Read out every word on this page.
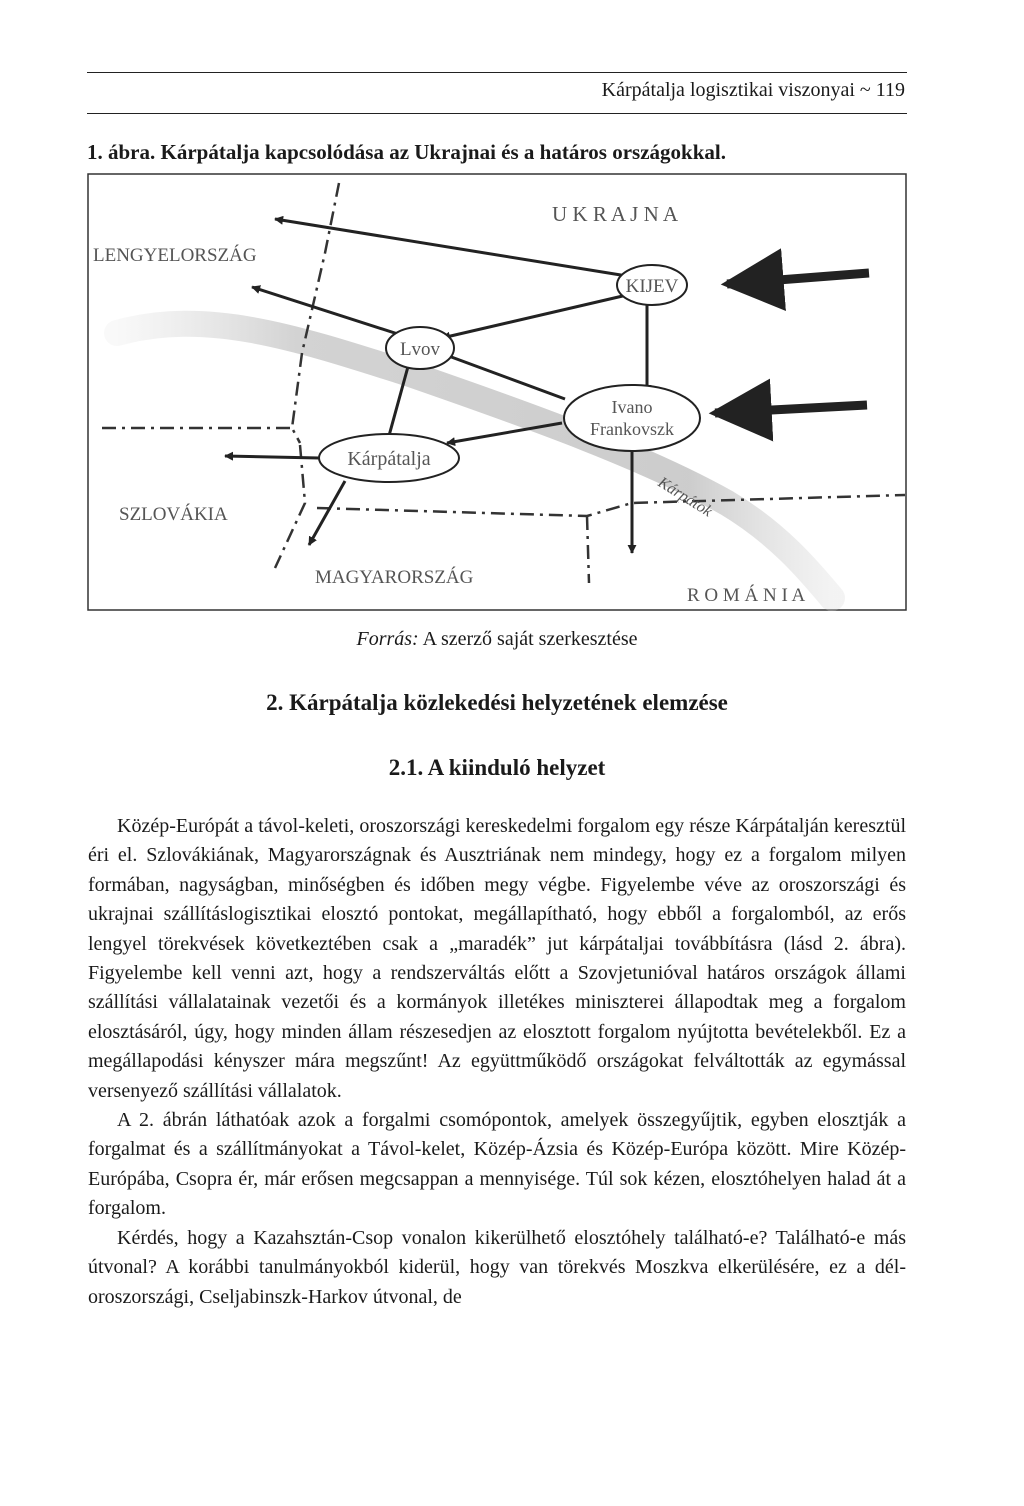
Kárpátalja logisztikai viszonyai ~ 119
1. ábra. Kárpátalja kapcsolódása az Ukrajnai és a határos országokkal.
KIJEV
Lvov
Ivano
Frankovszk
Kárpátalja
U K R A J N A
LENGYELORSZÁG
SZLOVÁKIA
MAGYARORSZÁG
R O M Á N I A
Kárpátok
Forrás: A szerző saját szerkesztése
2. Kárpátalja közlekedési helyzetének elemzése
2.1. A kiinduló helyzet

Közép-Európát a távol-keleti, oroszországi kereskedelmi forgalom egy része Kárpátalján keresztül éri el. Szlovákiának, Magyarországnak és Ausztriának nem mindegy, hogy ez a forgalom milyen formában, nagyságban, minőségben és időben megy végbe. Figyelembe véve az oroszországi és ukrajnai szállításlogisztikai elosztó pontokat, megállapítható, hogy ebből a forgalomból, az erős lengyel törekvések következtében csak a „maradék” jut kárpátaljai továbbításra (lásd 2. ábra). Figyelembe kell venni azt, hogy a rendszerváltás előtt a Szovjetunióval határos országok állami szállítási vállalatainak vezetői és a kormányok illetékes miniszterei állapodtak meg a forgalom elosztásáról, úgy, hogy minden állam részesedjen az elosztott forgalom nyújtotta bevételekből. Ez a megállapodási kényszer mára megszűnt! Az együttműködő országokat felváltották az egymással versenyező szállítási vállalatok.

A 2. ábrán láthatóak azok a forgalmi csomópontok, amelyek összegyűjtik, egyben elosztják a forgalmat és a szállítmányokat a Távol-kelet, Közép-Ázsia és Közép-Európa között. Mire Közép- Európába, Csopra ér, már erősen megcsappan a mennyisége. Túl sok kézen, elosztóhelyen halad át a forgalom.

Kérdés, hogy a Kazahsztán-Csop vonalon kikerülhető elosztóhely található-e? Található-e más útvonal? A korábbi tanulmányokból kiderül, hogy van törekvés Moszkva elkerülésére, ez a dél-oroszországi, Cseljabinszk-Harkov útvonal, de
